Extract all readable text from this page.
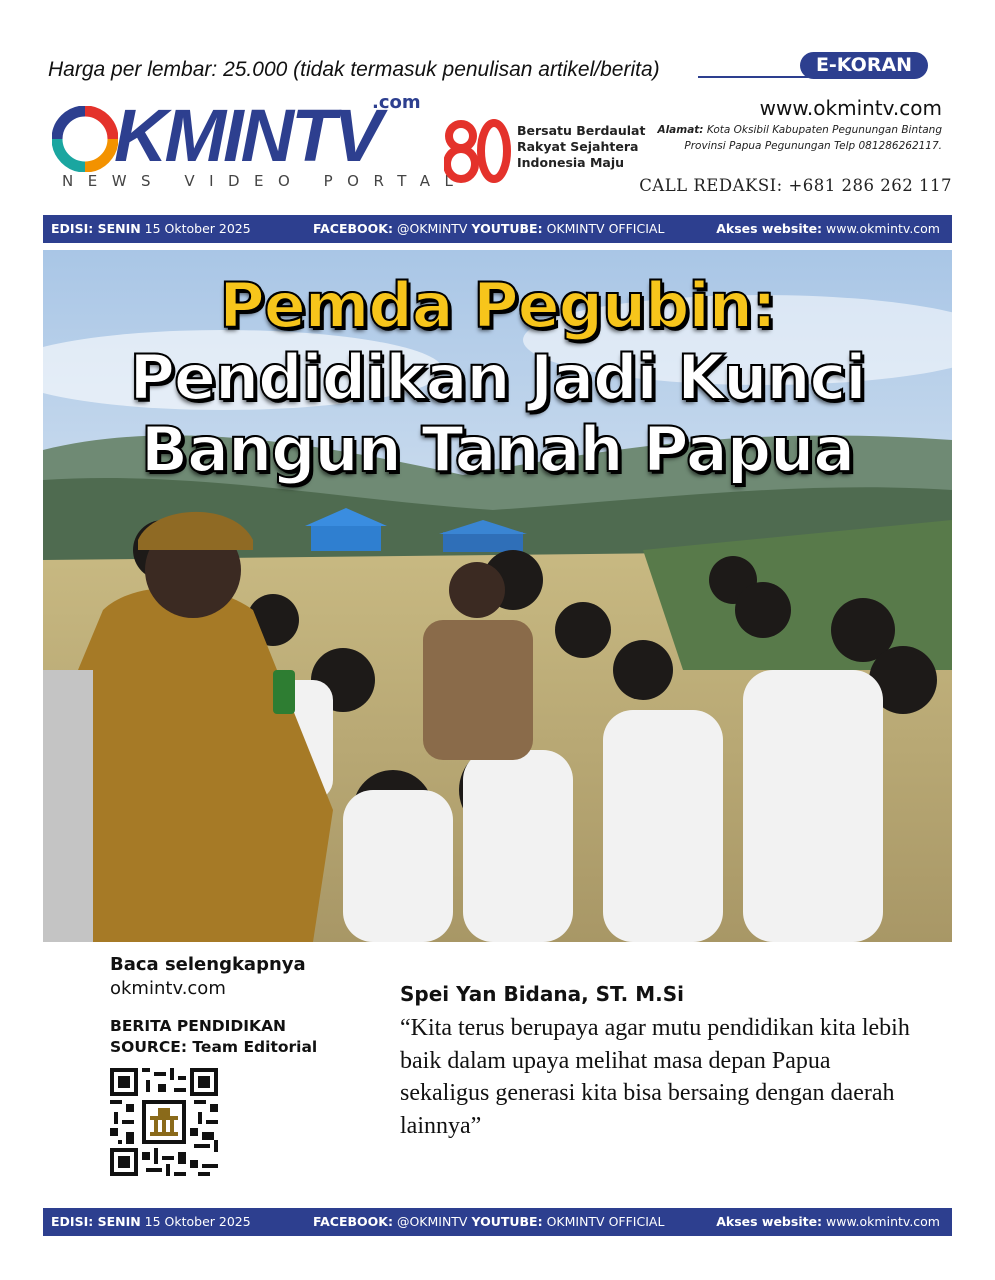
Harga per lembar: 25.000 (tidak termasuk penulisan artikel/berita)	E-KORAN
www.okmintv.com
Alamat: Kota Oksibil Kabupaten Pegunungan Bintang
Provinsi Papua Pegunungan Telp 081286262117.
CALL REDAKSI: +681 286 262 117
KMINTV
.com
NEWS VIDEO PORTAL
Bersatu Berdaulat
Rakyat Sejahtera
Indonesia Maju
EDISI: SENIN 15 Oktober 2025	FACEBOOK: @OKMINTV YOUTUBE: OKMINTV OFFICIAL	Akses website: www.okmintv.com
Pemda Pegubin:
Pendidikan Jadi Kunci
Bangun Tanah Papua
Baca selengkapnya
okmintv.com
BERITA PENDIDIKAN
SOURCE: Team Editorial
Spei Yan Bidana, ST. M.Si
“Kita terus berupaya agar mutu pendidikan kita lebih baik dalam upaya melihat masa depan Papua sekaligus generasi kita bisa bersaing dengan daerah lainnya”
EDISI: SENIN 15 Oktober 2025	FACEBOOK: @OKMINTV YOUTUBE: OKMINTV OFFICIAL	Akses website: www.okmintv.com
